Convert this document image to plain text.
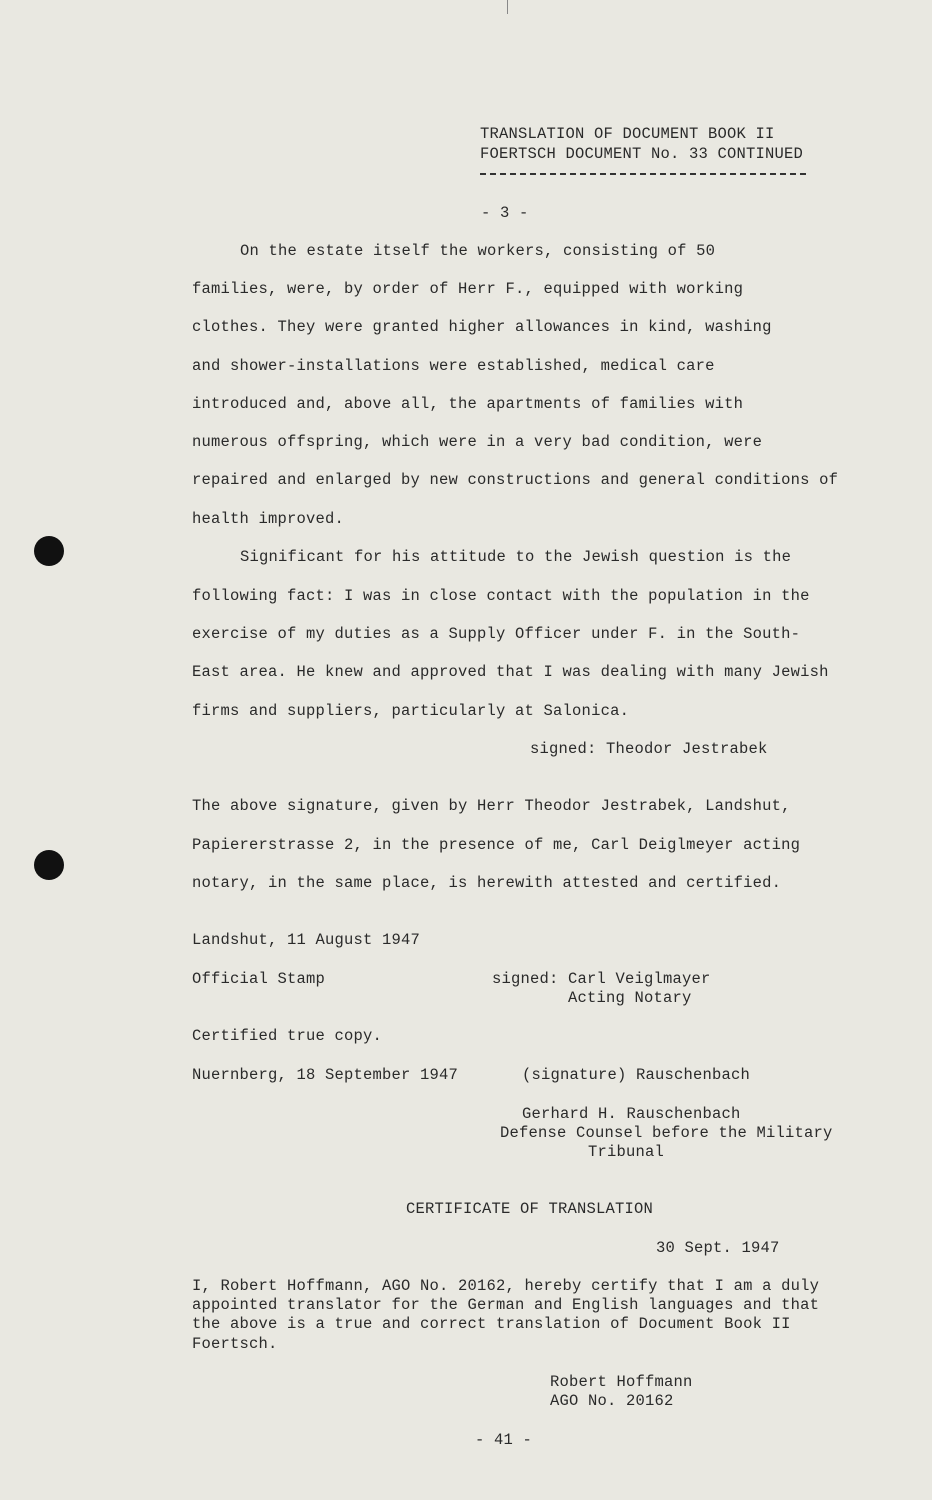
TRANSLATION OF DOCUMENT BOOK II
FOERTSCH DOCUMENT No. 33 CONTINUED
- 3 -
On the estate itself the workers, consisting of 50
families, were, by order of Herr F., equipped with working
clothes. They were granted higher allowances in kind, washing
and shower-installations were established, medical care
introduced and, above all, the apartments of families with
numerous offspring, which were in a very bad condition, were
repaired and enlarged by new constructions and general conditions of
health improved.
Significant for his attitude to the Jewish question is the
following fact: I was in close contact with the population in the
exercise of my duties as a Supply Officer under F. in the South-
East area. He knew and approved that I was dealing with many Jewish
firms and suppliers, particularly at Salonica.
signed: Theodor Jestrabek
The above signature, given by Herr Theodor Jestrabek, Landshut,
Papiererstrasse 2, in the presence of me, Carl Deiglmeyer acting
notary, in the same place, is herewith attested and certified.
Landshut, 11 August 1947
Official Stamp	signed: Carl Veiglmayer
Acting Notary
Certified true copy.
Nuernberg, 18 September 1947	(signature) Rauschenbach
Gerhard H. Rauschenbach
Defense Counsel before the Military
Tribunal
CERTIFICATE OF TRANSLATION
30 Sept. 1947
I, Robert Hoffmann, AGO No. 20162, hereby certify that I am a duly
appointed translator for the German and English languages and that
the above is a true and correct translation of Document Book II
Foertsch.
Robert Hoffmann
AGO No. 20162
- 41 -
